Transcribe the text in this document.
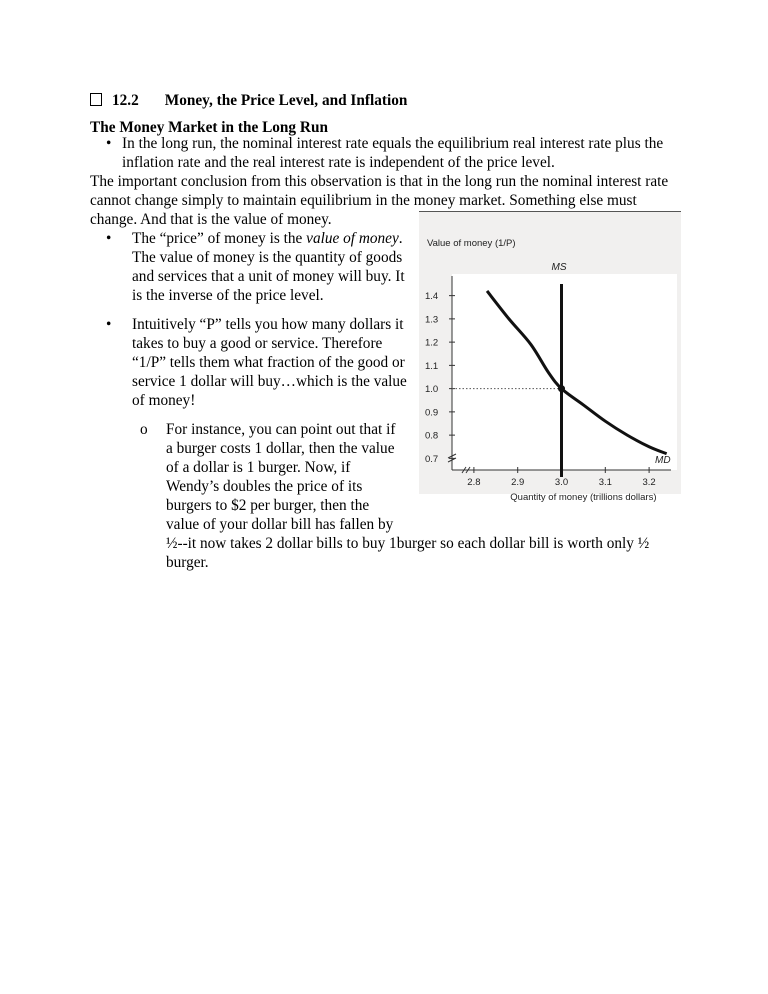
12.2 Money, the Price Level, and Inflation
The Money Market in the Long Run
• In the long run, the nominal interest rate equals the equilibrium real interest rate plus the
inflation rate and the real interest rate is independent of the price level.
The important conclusion from this observation is that in the long run the nominal interest rate
cannot change simply to maintain equilibrium in the money market. Something else must
change. And that is the value of money.
• The “price” of money is the value of money.
The value of money is the quantity of goods
and services that a unit of money will buy. It
is the inverse of the price level.
• Intuitively “P” tells you how many dollars it
takes to buy a good or service. Therefore
“1/P” tells them what fraction of the good or
service 1 dollar will buy…which is the value
of money!
o For instance, you can point out that if
a burger costs 1 dollar, then the value
of a dollar is 1 burger. Now, if
Wendy’s doubles the price of its
burgers to $2 per burger, then the
value of your dollar bill has fallen by
½--it now takes 2 dollar bills to buy 1burger so each dollar bill is worth only ½
burger.
1.4
1.3
1.2
1.1
1.0
0.9
0.8
0.7
2.8	2.9	3.0	3.1	3.2
MS
MD
Value of money (1/P)
Quantity of money (trillions dollars)
